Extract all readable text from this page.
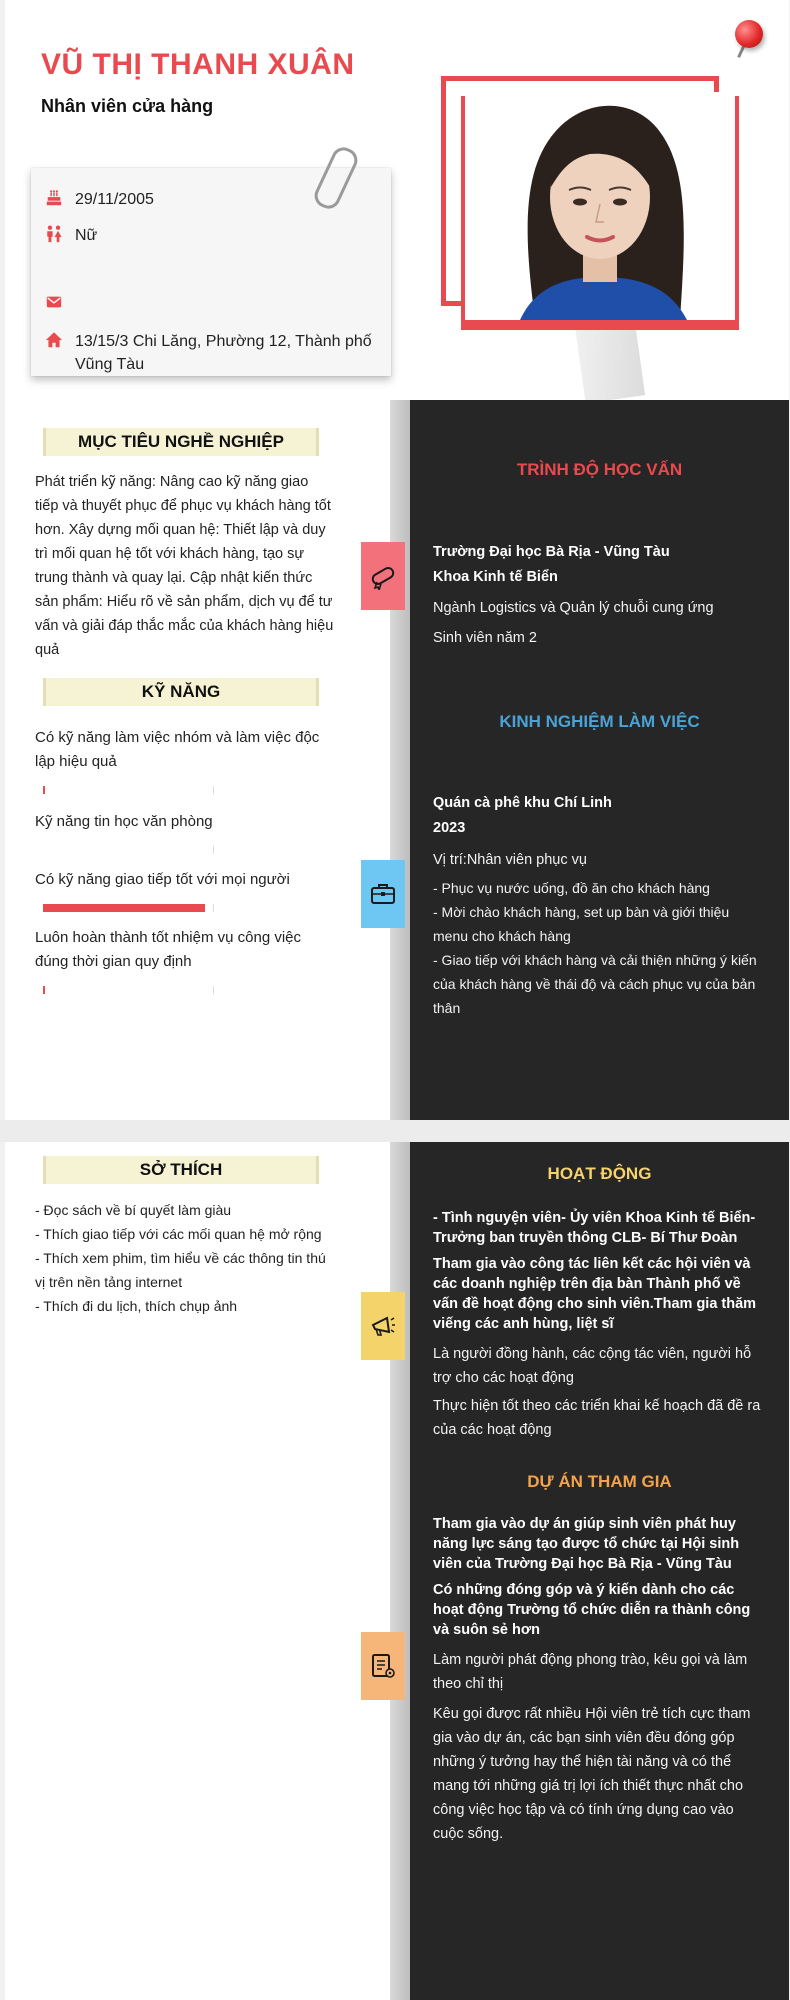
VŨ THỊ THANH XUÂN
Nhân viên cửa hàng
29/11/2005
Nữ
13/15/3 Chi Lăng, Phường 12, Thành phố Vũng Tàu
MỤC TIÊU NGHỀ NGHIỆP
Phát triển kỹ năng: Nâng cao kỹ năng giao tiếp và thuyết phục để phục vụ khách hàng tốt hơn. Xây dựng mối quan hệ: Thiết lập và duy trì mối quan hệ tốt với khách hàng, tạo sự trung thành và quay lại. Cập nhật kiến thức sản phẩm: Hiểu rõ về sản phẩm, dịch vụ để tư vấn và giải đáp thắc mắc của khách hàng hiệu quả
KỸ NĂNG
Có kỹ năng làm việc nhóm và làm việc độc lập hiệu quả
Kỹ năng tin học văn phòng
Có kỹ năng giao tiếp tốt với mọi người
Luôn hoàn thành tốt nhiệm vụ công việc đúng thời gian quy định
TRÌNH ĐỘ HỌC VẤN
Trường Đại học Bà Rịa - Vũng Tàu
Khoa Kinh tế Biển
Ngành Logistics và Quản lý chuỗi cung ứng
Sinh viên năm 2
KINH NGHIỆM LÀM VIỆC
Quán cà phê khu Chí Linh
2023
Vị trí:Nhân viên phục vụ
- Phục vụ nước uống, đồ ăn cho khách hàng
- Mời chào khách hàng, set up bàn và giới thiệu menu cho khách hàng
- Giao tiếp với khách hàng và cải thiện những ý kiến của khách hàng về thái độ và cách phục vụ của bản thân
SỞ THÍCH
- Đọc sách về bí quyết làm giàu
- Thích giao tiếp với các mối quan hệ mở rộng
- Thích xem phim, tìm hiểu về các thông tin thú vị trên nền tảng internet
- Thích đi du lịch, thích chụp ảnh
HOẠT ĐỘNG
- Tình nguyện viên- Ủy viên Khoa Kinh tế Biển- Trưởng ban truyền thông CLB- Bí Thư Đoàn
Tham gia vào công tác liên kết các hội viên và các doanh nghiệp trên địa bàn Thành phố về vấn đề hoạt động cho sinh viên.Tham gia thăm viếng các anh hùng, liệt sĩ
Là người đồng hành, các cộng tác viên, người hỗ trợ cho các hoạt động
Thực hiện tốt theo các triển khai kế hoạch đã đề ra của các hoạt động
DỰ ÁN THAM GIA
Tham gia vào dự án giúp sinh viên phát huy năng lực sáng tạo được tổ chức tại Hội sinh viên của Trường Đại học Bà Rịa - Vũng Tàu
Có những đóng góp và ý kiến dành cho các hoạt động Trường tổ chức diễn ra thành công và suôn sẻ hơn
Làm người phát động phong trào, kêu gọi và làm theo chỉ thị
Kêu gọi được rất nhiều Hội viên trẻ tích cực tham gia vào dự án, các bạn sinh viên đều đóng góp những ý tưởng hay thể hiện tài năng và có thể mang tới những giá trị lợi ích thiết thực nhất cho công việc học tập và có tính ứng dụng cao vào cuộc sống.
